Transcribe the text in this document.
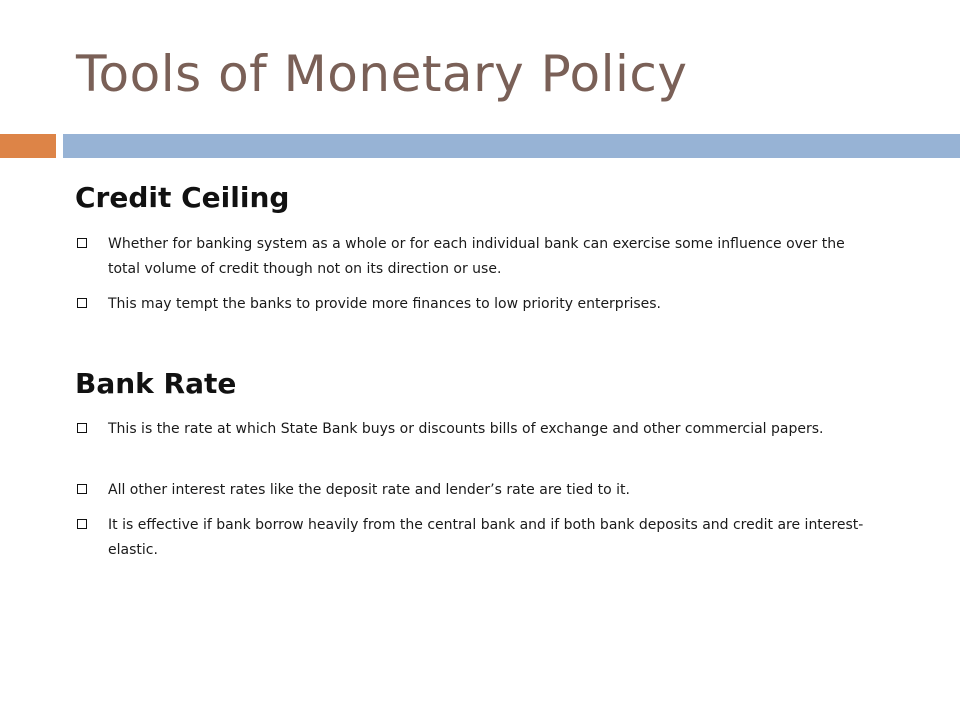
Tools of Monetary Policy
Credit Ceiling
Whether for banking system as a whole or for each individual bank can exercise some influence over the total volume of credit though not on its direction or use.
This may tempt the banks to provide more finances to low priority enterprises.
Bank Rate
This is the rate at which State Bank buys or discounts bills of exchange and other commercial papers.
All other interest rates like the deposit rate and lender’s rate are tied to it.
It is effective if bank borrow heavily from the central bank and if both bank deposits and credit are interest-elastic.
